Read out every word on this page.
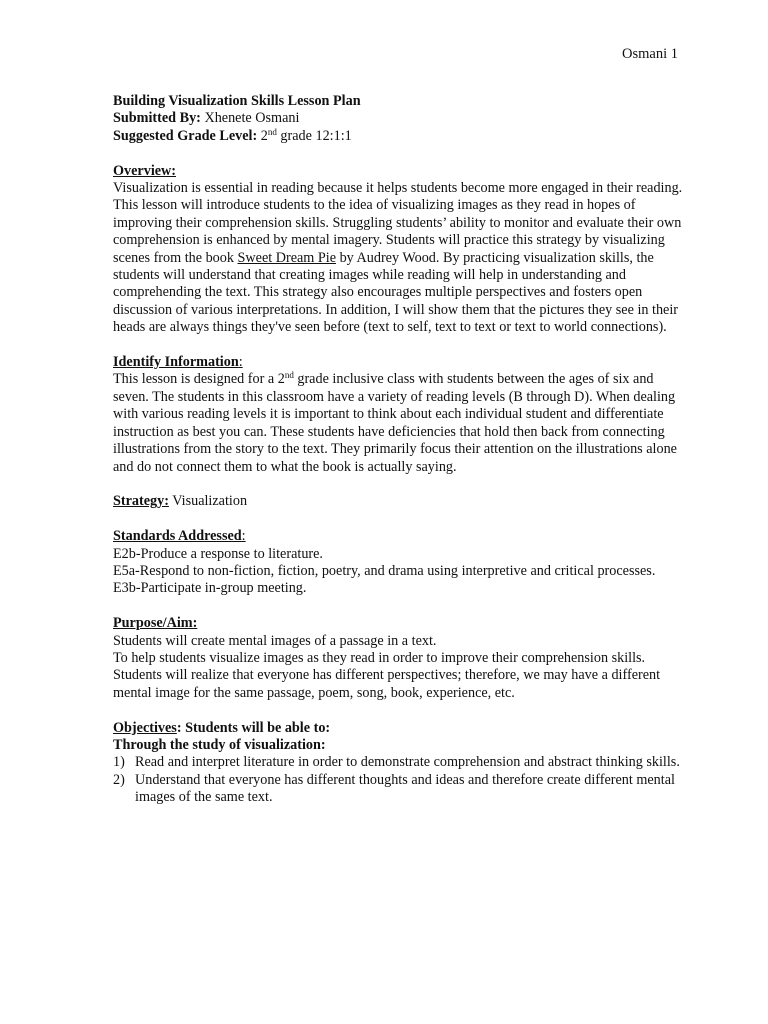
Osmani 1

Building Visualization Skills Lesson Plan

Submitted By: Xhenete Osmani

Suggested Grade Level: 2nd grade 12:1:1

Overview:

Visualization is essential in reading because it helps students become more engaged in their reading. This lesson will introduce students to the idea of visualizing images as they read in hopes of improving their comprehension skills. Struggling students’ ability to monitor and evaluate their own comprehension is enhanced by mental imagery. Students will practice this strategy by visualizing scenes from the book Sweet Dream Pie by Audrey Wood. By practicing visualization skills, the students will understand that creating images while reading will help in understanding and comprehending the text. This strategy also encourages multiple perspectives and fosters open discussion of various interpretations. In addition, I will show them that the pictures they see in their heads are always things they've seen before (text to self, text to text or text to world connections).

Identify Information:

This lesson is designed for a 2nd grade inclusive class with students between the ages of six and seven. The students in this classroom have a variety of reading levels (B through D). When dealing with various reading levels it is important to think about each individual student and differentiate instruction as best you can. These students have deficiencies that hold then back from connecting illustrations from the story to the text. They primarily focus their attention on the illustrations alone and do not connect them to what the book is actually saying.

Strategy: Visualization

Standards Addressed:

E2b-Produce a response to literature.

E5a-Respond to non-fiction, fiction, poetry, and drama using interpretive and critical processes.

E3b-Participate in-group meeting.

Purpose/Aim:

Students will create mental images of a passage in a text.

To help students visualize images as they read in order to improve their comprehension skills.

Students will realize that everyone has different perspectives; therefore, we may have a different mental image for the same passage, poem, song, book, experience, etc.

Objectives: Students will be able to:

Through the study of visualization:

1) Read and interpret literature in order to demonstrate comprehension and abstract thinking skills.
2) Understand that everyone has different thoughts and ideas and therefore create different mental images of the same text.
